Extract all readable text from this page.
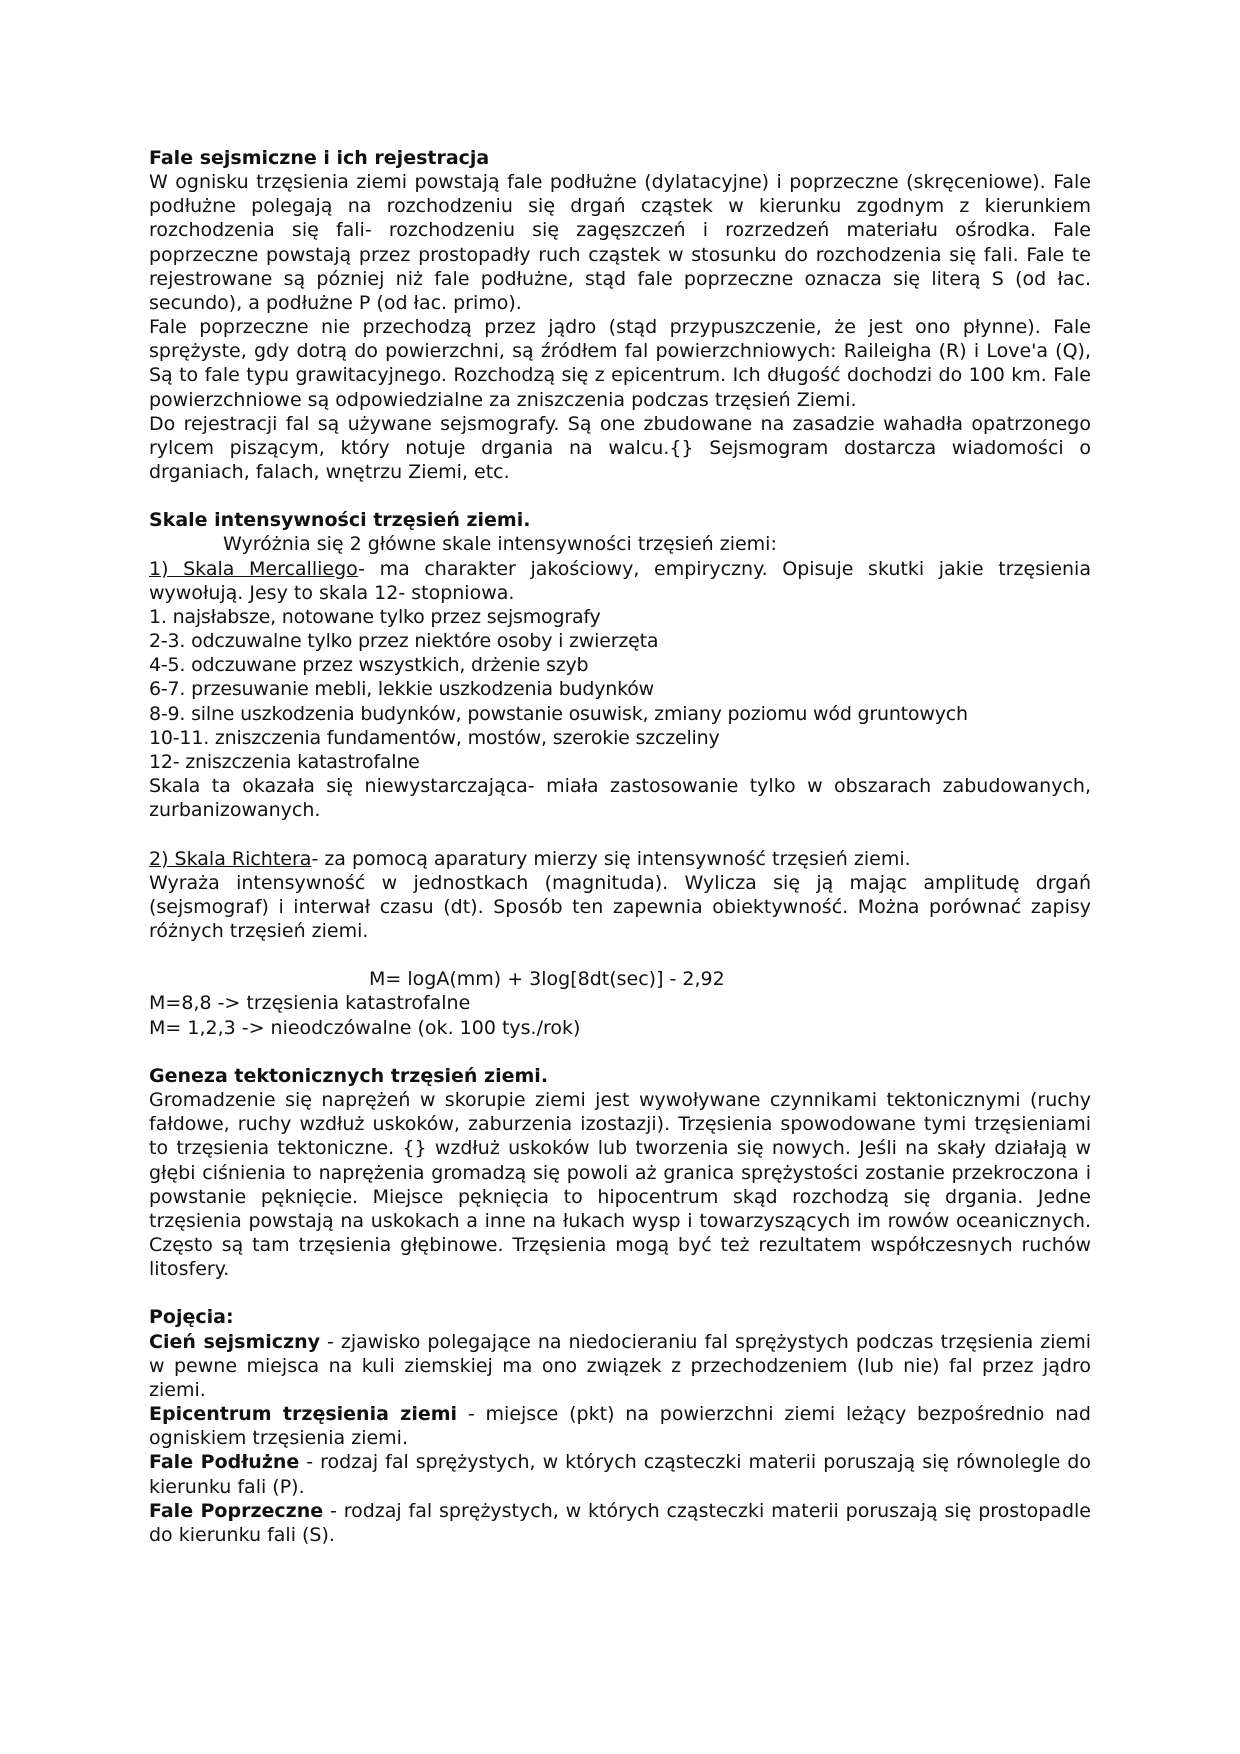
Fale sejsmiczne i ich rejestracja

W ognisku trzęsienia ziemi powstają fale podłużne (dylatacyjne) i poprzeczne (skręceniowe). Fale podłużne polegają na rozchodzeniu się drgań cząstek w kierunku zgodnym z kierunkiem rozchodzenia się fali- rozchodzeniu się zagęszczeń i rozrzedzeń materiału ośrodka. Fale poprzeczne powstają przez prostopadły ruch cząstek w stosunku do rozchodzenia się fali. Fale te rejestrowane są pózniej niż fale podłużne, stąd fale poprzeczne oznacza się literą S (od łac. secundo), a podłużne P (od łac. primo).

Fale poprzeczne nie przechodzą przez jądro (stąd przypuszczenie, że jest ono płynne). Fale sprężyste, gdy dotrą do powierzchni, są źródłem fal powierzchniowych: Raileigha (R) i Love'a (Q), Są to fale typu grawitacyjnego. Rozchodzą się z epicentrum. Ich długość dochodzi do 100 km. Fale powierzchniowe są odpowiedzialne za zniszczenia podczas trzęsień Ziemi.

Do rejestracji fal są używane sejsmografy. Są one zbudowane na zasadzie wahadła opatrzonego rylcem piszącym, który notuje drgania na walcu.{} Sejsmogram dostarcza wiadomości o drganiach, falach, wnętrzu Ziemi, etc.

Skale intensywności trzęsień ziemi.

Wyróżnia się 2 główne skale intensywności trzęsień ziemi:

1) Skala Mercalliego- ma charakter jakościowy, empiryczny. Opisuje skutki jakie trzęsienia wywołują. Jesy to skala 12- stopniowa.

1. najsłabsze, notowane tylko przez sejsmografy

2-3. odczuwalne tylko przez niektóre osoby i zwierzęta

4-5. odczuwane przez wszystkich, drżenie szyb

6-7. przesuwanie mebli, lekkie uszkodzenia budynków

8-9. silne uszkodzenia budynków, powstanie osuwisk, zmiany poziomu wód gruntowych

10-11. zniszczenia fundamentów, mostów, szerokie szczeliny

12- zniszczenia katastrofalne

Skala ta okazała się niewystarczająca- miała zastosowanie tylko w obszarach zabudowanych, zurbanizowanych.

2) Skala Richtera- za pomocą aparatury mierzy się intensywność trzęsień ziemi.

Wyraża intensywność w jednostkach (magnituda). Wylicza się ją mając amplitudę drgań (sejsmograf) i interwał czasu (dt). Sposób ten zapewnia obiektywność. Można porównać zapisy różnych trzęsień ziemi.

M= logA(mm) + 3log[8dt(sec)] - 2,92

M=8,8 -> trzęsienia katastrofalne

M= 1,2,3 -> nieodczówalne (ok. 100 tys./rok)

Geneza tektonicznych trzęsień ziemi.

Gromadzenie się naprężeń w skorupie ziemi jest wywoływane czynnikami tektonicznymi (ruchy fałdowe, ruchy wzdłuż uskoków, zaburzenia izostazji). Trzęsienia spowodowane tymi trzęsieniami to trzęsienia tektoniczne. {} wzdłuż uskoków lub tworzenia się nowych. Jeśli na skały działają w głębi ciśnienia to naprężenia gromadzą się powoli aż granica sprężystości zostanie przekroczona i powstanie pęknięcie. Miejsce pęknięcia to hipocentrum skąd rozchodzą się drgania. Jedne trzęsienia powstają na uskokach a inne na łukach wysp i towarzyszących im rowów oceanicznych. Często są tam trzęsienia głębinowe. Trzęsienia mogą być też rezultatem współczesnych ruchów litosfery.

Pojęcia:

Cień sejsmiczny - zjawisko polegające na niedocieraniu fal sprężystych podczas trzęsienia ziemi w pewne miejsca na kuli ziemskiej ma ono związek z przechodzeniem (lub nie) fal przez jądro ziemi.

Epicentrum trzęsienia ziemi - miejsce (pkt) na powierzchni ziemi leżący bezpośrednio nad ogniskiem trzęsienia ziemi.

Fale Podłużne - rodzaj fal sprężystych, w których cząsteczki materii poruszają się równolegle do kierunku fali (P).

Fale Poprzeczne - rodzaj fal sprężystych, w których cząsteczki materii poruszają się prostopadle do kierunku fali (S).
